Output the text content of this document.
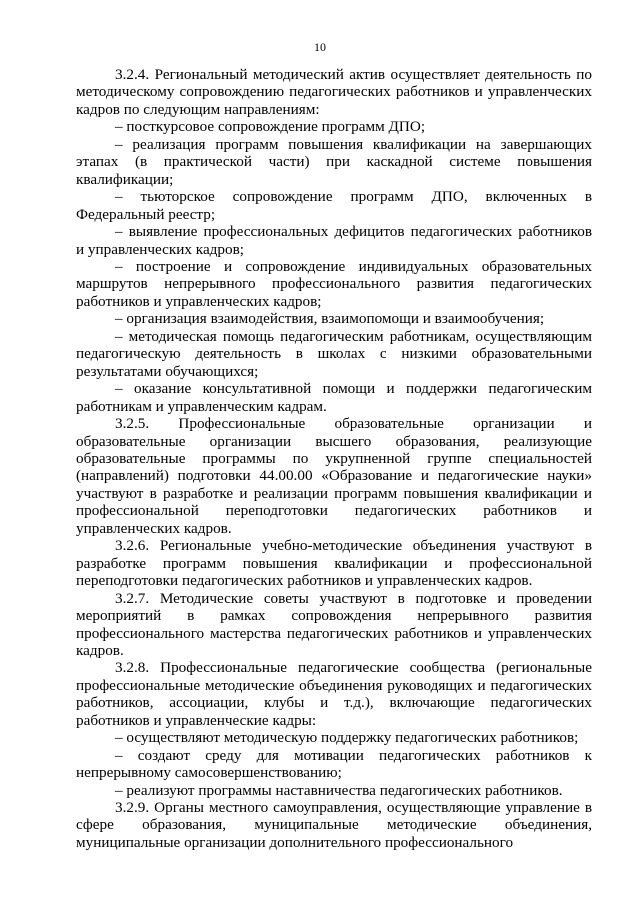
10

3.2.4. Региональный методический актив осуществляет деятельность по методическому сопровождению педагогических работников и управленческих кадров по следующим направлениям:

– посткурсовое сопровождение программ ДПО;

– реализация программ повышения квалификации на завершающих этапах (в практической части) при каскадной системе повышения квалификации;

– тьюторское сопровождение программ ДПО, включенных в Федеральный реестр;

– выявление профессиональных дефицитов педагогических работников и управленческих кадров;

– построение и сопровождение индивидуальных образовательных маршрутов непрерывного профессионального развития педагогических работников и управленческих кадров;

– организация взаимодействия, взаимопомощи и взаимообучения;

– методическая помощь педагогическим работникам, осуществляющим педагогическую деятельность в школах с низкими образовательными результатами обучающихся;

– оказание консультативной помощи и поддержки педагогическим работникам и управленческим кадрам.

3.2.5. Профессиональные образовательные организации и образовательные организации высшего образования, реализующие образовательные программы по укрупненной группе специальностей (направлений) подготовки 44.00.00 «Образование и педагогические науки» участвуют в разработке и реализации программ повышения квалификации и профессиональной переподготовки педагогических работников и управленческих кадров.

3.2.6. Региональные учебно-методические объединения участвуют в разработке программ повышения квалификации и профессиональной переподготовки педагогических работников и управленческих кадров.

3.2.7. Методические советы участвуют в подготовке и проведении мероприятий в рамках сопровождения непрерывного развития профессионального мастерства педагогических работников и управленческих кадров.

3.2.8. Профессиональные педагогические сообщества (региональные профессиональные методические объединения руководящих и педагогических работников, ассоциации, клубы и т.д.), включающие педагогических работников и управленческие кадры:

– осуществляют методическую поддержку педагогических работников;

– создают среду для мотивации педагогических работников к непрерывному самосовершенствованию;

– реализуют программы наставничества педагогических работников.

3.2.9. Органы местного самоуправления, осуществляющие управление в сфере образования, муниципальные методические объединения, муниципальные организации дополнительного профессионального
